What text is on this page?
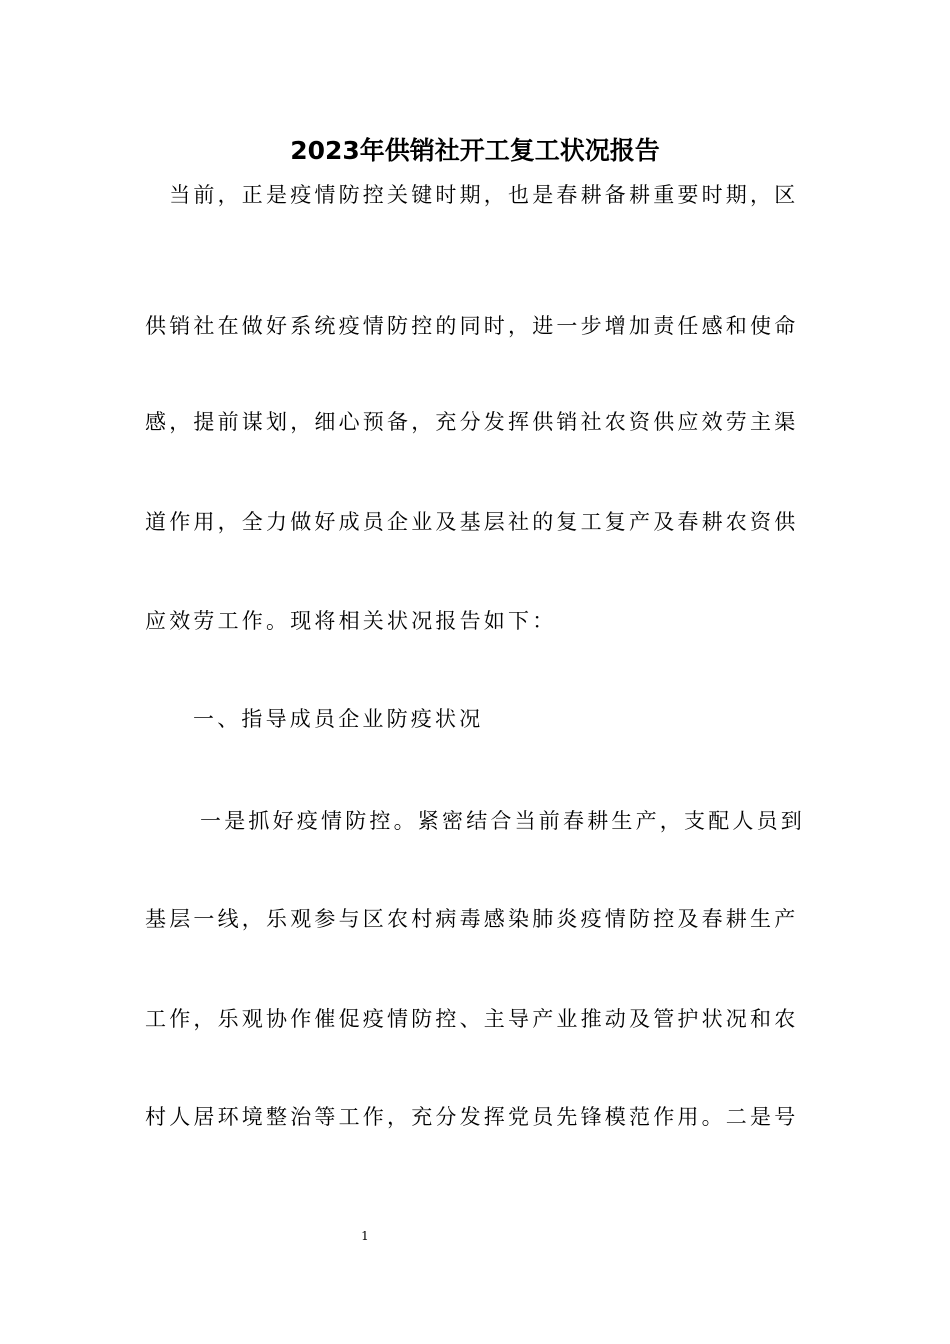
2023年供销社开工复工状况报告
　当前，正是疫情防控关键时期，也是春耕备耕重要时期，区
供销社在做好系统疫情防控的同时，进一步增加责任感和使命
感，提前谋划，细心预备，充分发挥供销社农资供应效劳主渠
道作用，全力做好成员企业及基层社的复工复产及春耕农资供
应效劳工作。现将相关状况报告如下：
一、指导成员企业防疫状况
一是抓好疫情防控。紧密结合当前春耕生产，支配人员到
基层一线，乐观参与区农村病毒感染肺炎疫情防控及春耕生产
工作，乐观协作催促疫情防控、主导产业推动及管护状况和农
村人居环境整治等工作，充分发挥党员先锋模范作用。二是号
1
